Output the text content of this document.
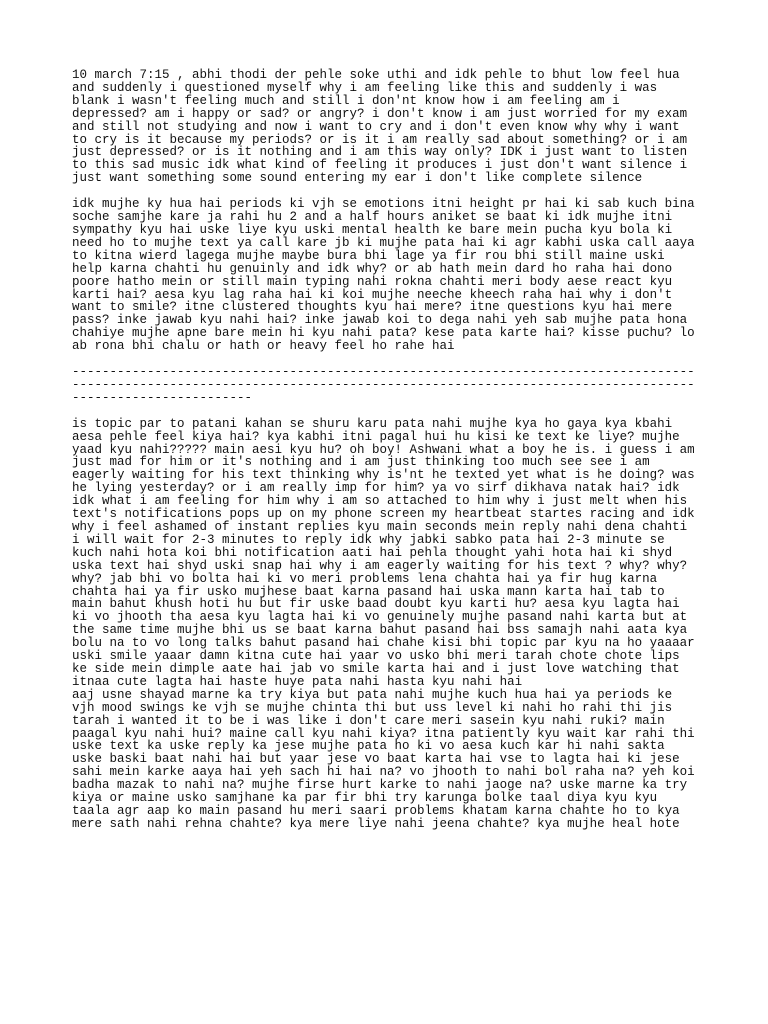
10 march 7:15 , abhi thodi der pehle soke uthi and idk pehle to bhut low feel hua
and suddenly i questioned myself why i am feeling like this and suddenly i was
blank i wasn't feeling much and still i don'nt know how i am feeling am i
depressed? am i happy or sad? or angry? i don't know i am just worried for my exam
and still not studying and now i want to cry and i don't even know why why i want
to cry is it because my periods? or is it i am really sad about something? or i am
just depressed? or is it nothing and i am this way only? IDK i just want to listen
to this sad music idk what kind of feeling it produces i just don't want silence i
just want something some sound entering my ear i don't like complete silence
idk mujhe ky hua hai periods ki vjh se emotions itni height pr hai ki sab kuch bina
soche samjhe kare ja rahi hu 2 and a half hours aniket se baat ki idk mujhe itni
sympathy kyu hai uske liye kyu uski mental health ke bare mein pucha kyu bola ki
need ho to mujhe text ya call kare jb ki mujhe pata hai ki agr kabhi uska call aaya
to kitna wierd lagega mujhe maybe bura bhi lage ya fir rou bhi still maine uski
help karna chahti hu genuinly and idk why? or ab hath mein dard ho raha hai dono
poore hatho mein or still main typing nahi rokna chahti meri body aese react kyu
karti hai? aesa kyu lag raha hai ki koi mujhe neeche kheech raha hai why i don't
want to smile? itne clustered thoughts kyu hai mere? itne questions kyu hai mere
pass? inke jawab kyu nahi hai? inke jawab koi to dega nahi yeh sab mujhe pata hona
chahiye mujhe apne bare mein hi kyu nahi pata? kese pata karte hai? kisse puchu? lo
ab rona bhi chalu or hath or heavy feel ho rahe hai
-----------------------------------------------------------------------------------
-----------------------------------------------------------------------------------
------------------------
is topic par to patani kahan se shuru karu pata nahi mujhe kya ho gaya kya kbahi
aesa pehle feel kiya hai? kya kabhi itni pagal hui hu kisi ke text ke liye? mujhe
yaad kyu nahi????? main aesi kyu hu? oh boy! Ashwani what a boy he is. i guess i am
just mad for him or it's nothing and i am just thinking too much see see i am
eagerly waiting for his text thinking why is'nt he texted yet what is he doing? was
he lying yesterday? or i am really imp for him? ya vo sirf dikhava natak hai? idk
idk what i am feeling for him why i am so attached to him why i just melt when his
text's notifications pops up on my phone screen my heartbeat startes racing and idk
why i feel ashamed of instant replies kyu main seconds mein reply nahi dena chahti
i will wait for 2-3 minutes to reply idk why jabki sabko pata hai 2-3 minute se
kuch nahi hota koi bhi notification aati hai pehla thought yahi hota hai ki shyd
uska text hai shyd uski snap hai why i am eagerly waiting for his text ? why? why?
why? jab bhi vo bolta hai ki vo meri problems lena chahta hai ya fir hug karna
chahta hai ya fir usko mujhese baat karna pasand hai uska mann karta hai tab to
main bahut khush hoti hu but fir uske baad doubt kyu karti hu? aesa kyu lagta hai
ki vo jhooth tha aesa kyu lagta hai ki vo genuinely mujhe pasand nahi karta but at
the same time mujhe bhi us se baat karna bahut pasand hai bss samajh nahi aata kya
bolu na to vo long talks bahut pasand hai chahe kisi bhi topic par kyu na ho yaaaar
uski smile yaaar damn kitna cute hai yaar vo usko bhi meri tarah chote chote lips
ke side mein dimple aate hai jab vo smile karta hai and i just love watching that
itnaa cute lagta hai haste huye pata nahi hasta kyu nahi hai
aaj usne shayad marne ka try kiya but pata nahi mujhe kuch hua hai ya periods ke
vjh mood swings ke vjh se mujhe chinta thi but uss level ki nahi ho rahi thi jis
tarah i wanted it to be i was like i don't care meri sasein kyu nahi ruki? main
paagal kyu nahi hui? maine call kyu nahi kiya? itna patiently kyu wait kar rahi thi
uske text ka uske reply ka jese mujhe pata ho ki vo aesa kuch kar hi nahi sakta
uske baski baat nahi hai but yaar jese vo baat karta hai vse to lagta hai ki jese
sahi mein karke aaya hai yeh sach hi hai na? vo jhooth to nahi bol raha na? yeh koi
badha mazak to nahi na? mujhe firse hurt karke to nahi jaoge na? uske marne ka try
kiya or maine usko samjhane ka par fir bhi try karunga bolke taal diya kyu kyu
taala agr aap ko main pasand hu meri saari problems khatam karna chahte ho to kya
mere sath nahi rehna chahte? kya mere liye nahi jeena chahte? kya mujhe heal hote
